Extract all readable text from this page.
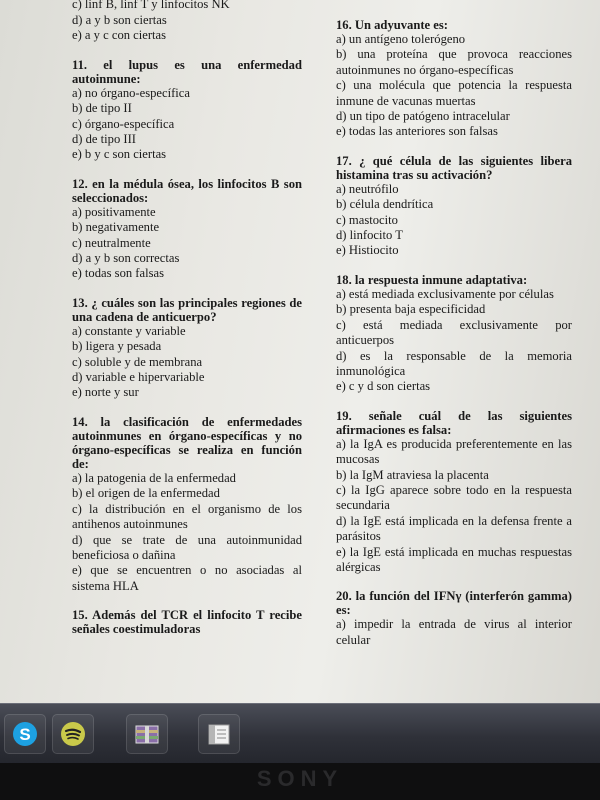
c) linf B, linf T y linfocitos NK
d) a y b son ciertas
e) a y c con ciertas
11. el lupus es una enfermedad autoinmune:
a) no órgano-específica
b) de tipo II
c) órgano-específica
d) de tipo III
e) b y c son ciertas
12. en la médula ósea, los linfocitos B son seleccionados:
a) positivamente
b) negativamente
c) neutralmente
d) a y b son correctas
e) todas son falsas
13. ¿ cuáles son las principales regiones de una cadena de anticuerpo?
a) constante y variable
b) ligera y pesada
c) soluble y de membrana
d) variable e hipervariable
e) norte y sur
14. la clasificación de enfermedades autoinmunes en órgano-específicas y no órgano-específicas se realiza en función de:
a) la patogenia de la enfermedad
b) el origen de la enfermedad
c) la distribución en el organismo de los antihenos autoinmunes
d) que se trate de una autoinmunidad beneficiosa o dañina
e) que se encuentren o no asociadas al sistema HLA
15. Además del TCR el linfocito T recibe señales coestimuladoras
16. Un adyuvante es:
a) un antígeno tolerógeno
b) una proteína que provoca reacciones autoinmunes no órgano-específicas
c) una molécula que potencia la respuesta inmune de vacunas muertas
d) un tipo de patógeno intracelular
e) todas las anteriores son falsas
17. ¿ qué célula de las siguientes libera histamina tras su activación?
a) neutrófilo
b) célula dendrítica
c) mastocito
d) linfocito T
e) Histiocito
18. la respuesta inmune adaptativa:
a) está mediada exclusivamente por células
b) presenta baja especificidad
c) está mediada exclusivamente por anticuerpos
d) es la responsable de la memoria inmunológica
e) c y d son ciertas
19. señale cuál de las siguientes afirmaciones es falsa:
a) la IgA es producida preferentemente en las mucosas
b) la IgM atraviesa la placenta
c) la IgG aparece sobre todo en la respuesta secundaria
d) la IgE está implicada en la defensa frente a parásitos
e) la IgE está implicada en muchas respuestas alérgicas
20. la función del IFNγ (interferón gamma) es:
a) impedir la entrada de virus al interior celular
S
SONY
